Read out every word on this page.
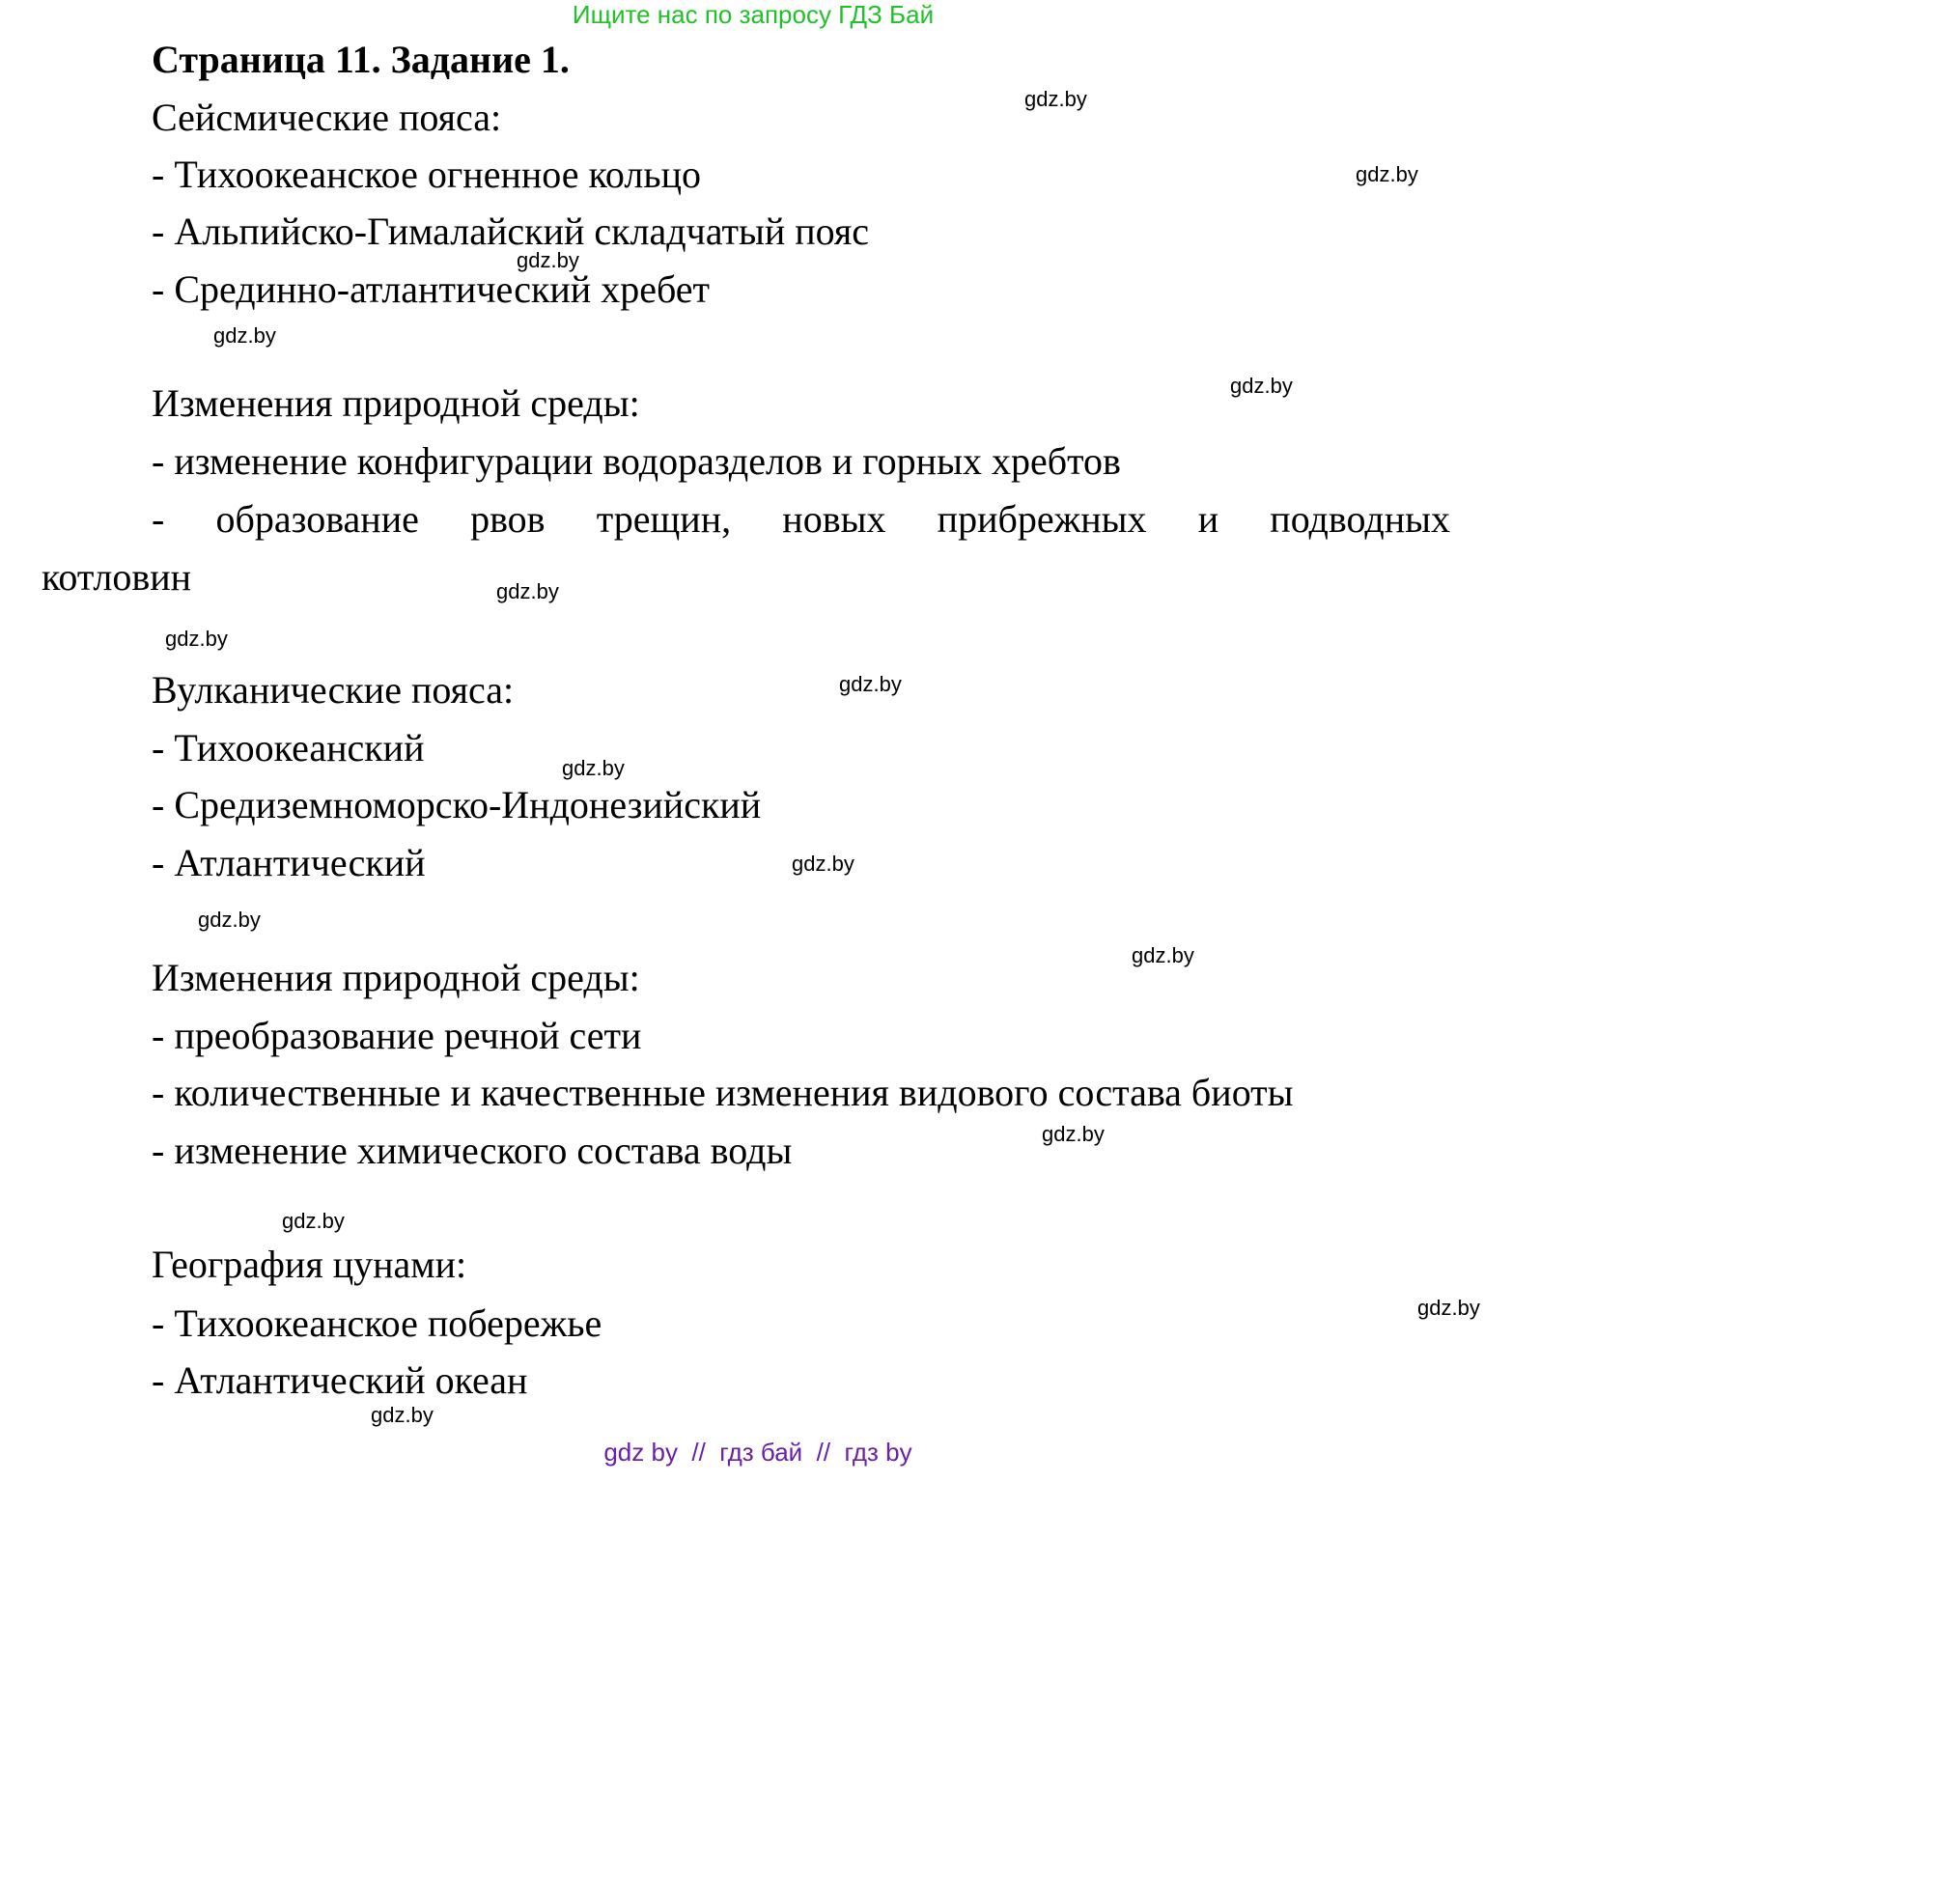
Ищите нас по запросу ГДЗ Бай
Страница 11. Задание 1.

Сейсмические пояса:

- Тихоокеанское огненное кольцо

- Альпийско-Гималайский складчатый пояс

- Срединно-атлантический хребет

Изменения природной среды:

- изменение конфигурации водоразделов и горных хребтов

- образование рвов трещин, новых прибрежных и подводных

котловин

Вулканические пояса:

- Тихоокеанский

- Средиземноморско-Индонезийский

- Атлантический

Изменения природной среды:

- преобразование речной сети

- количественные и качественные изменения видового состава биоты

- изменение химического состава воды

География цунами:

- Тихоокеанское побережье

- Атлантический океан

gdz.by
gdz.by
gdz.by
gdz.by
gdz.by
gdz.by
gdz.by
gdz.by
gdz.by
gdz.by
gdz.by
gdz.by
gdz.by
gdz.by
gdz.by
gdz.by
gdz by  //  гдз бай  //  гдз by
